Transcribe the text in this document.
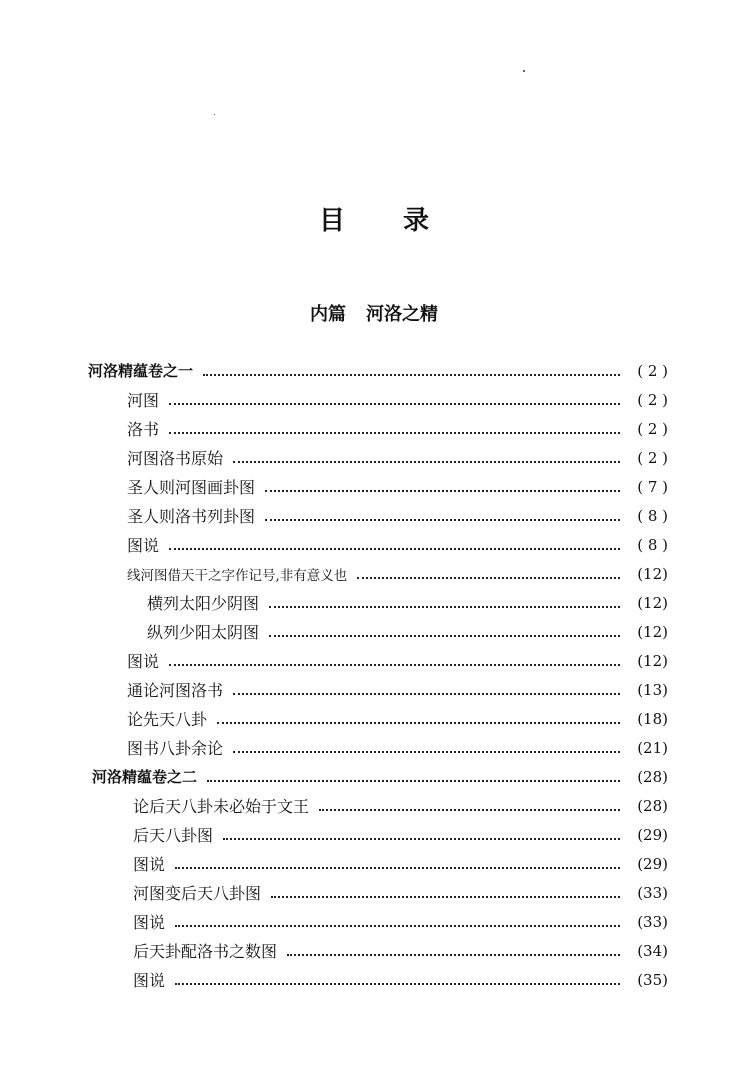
目录
内篇 河洛之精
河洛精蕴卷之一	( 2 )
河图	( 2 )
洛书	( 2 )
河图洛书原始	( 2 )
圣人则河图画卦图	( 7 )
圣人则洛书列卦图	( 8 )
图说	( 8 )
线河图借天干之字作记号,非有意义也	(12)
横列太阳少阴图	(12)
纵列少阳太阴图	(12)
图说	(12)
通论河图洛书	(13)
论先天八卦	(18)
图书八卦余论	(21)
河洛精蕴卷之二	(28)
论后天八卦未必始于文王	(28)
后天八卦图	(29)
图说	(29)
河图变后天八卦图	(33)
图说	(33)
后天卦配洛书之数图	(34)
图说	(35)
